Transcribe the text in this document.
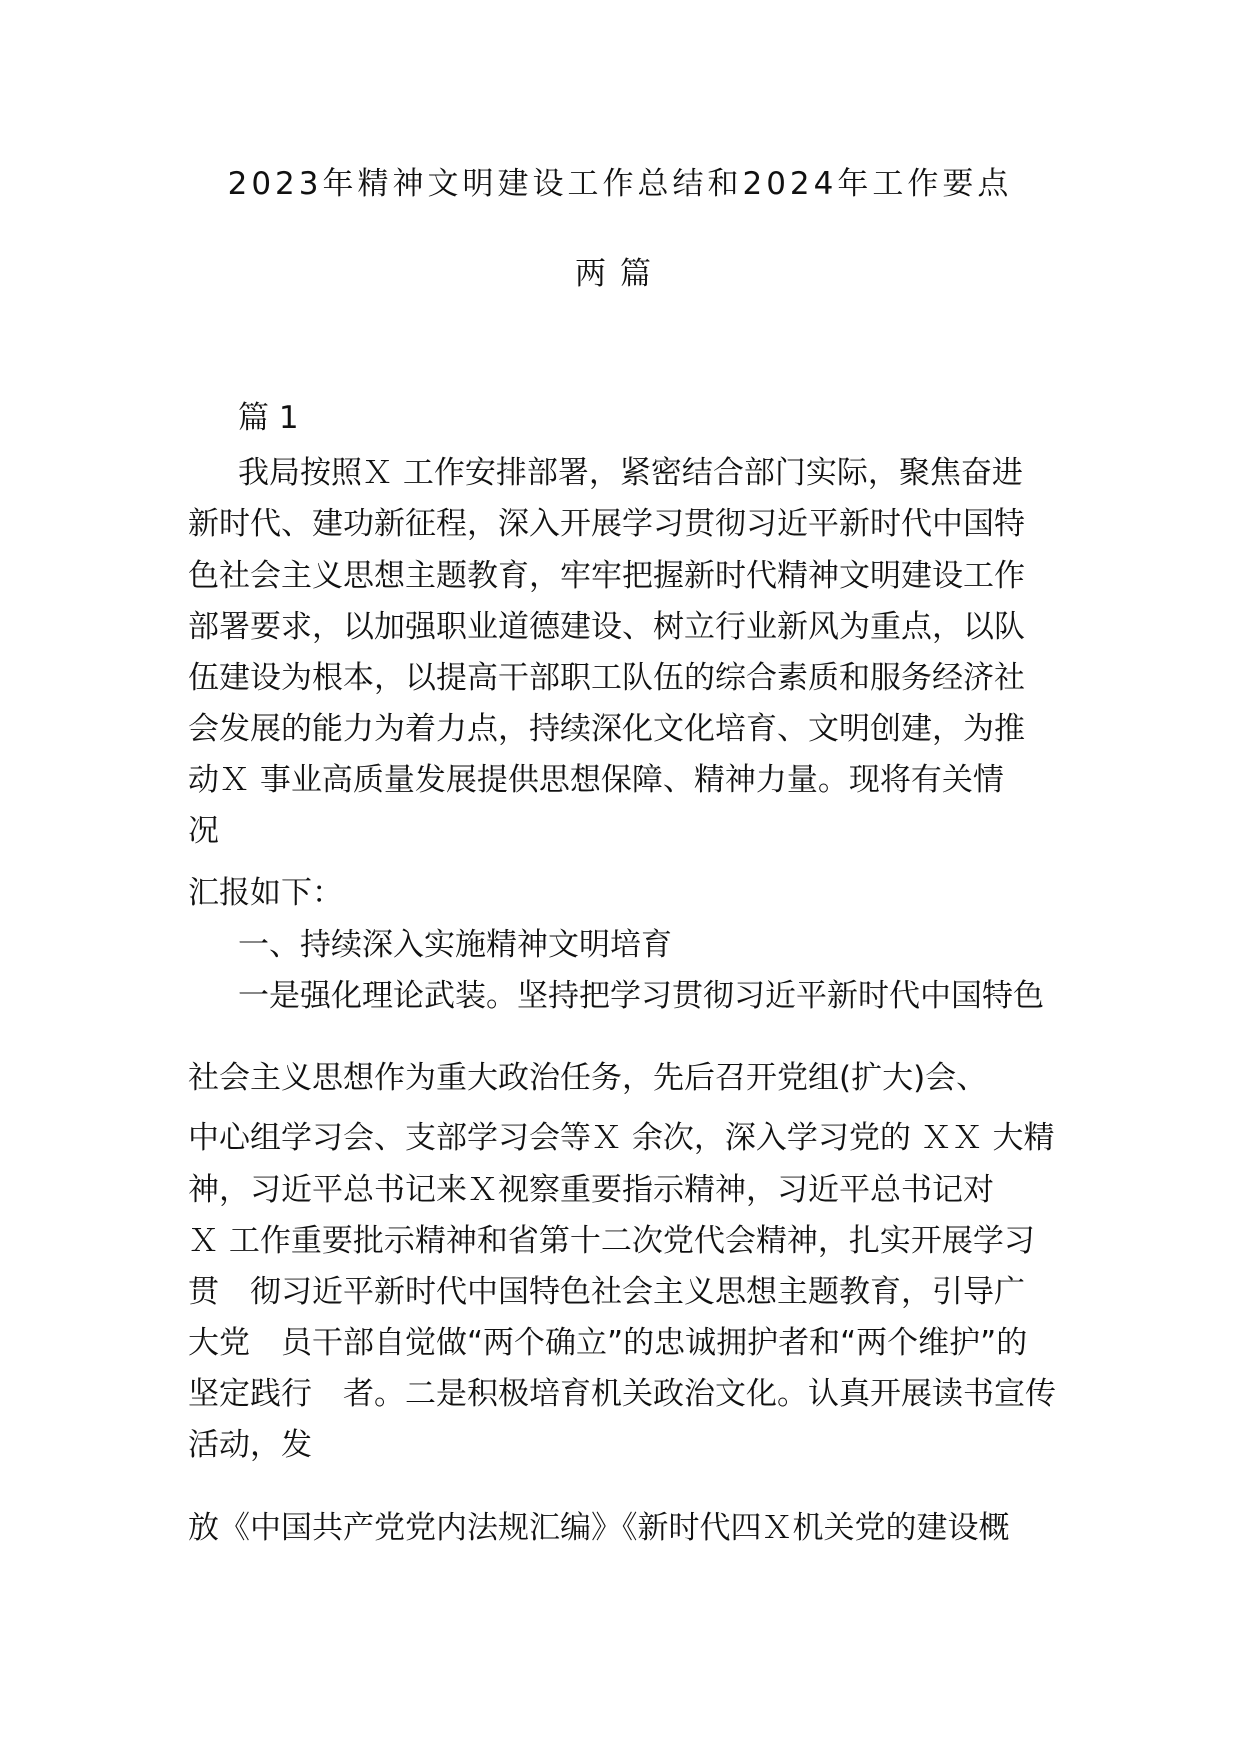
2023年精神文明建设工作总结和2024年工作要点
两篇
篇 1
我局按照Ｘ 工作安排部署，紧密结合部门实际，聚焦奋进
新时代、建功新征程，深入开展学习贯彻习近平新时代中国特
色社会主义思想主题教育，牢牢把握新时代精神文明建设工作
部署要求，以加强职业道德建设、树立行业新风为重点，以队
伍建设为根本，以提高干部职工队伍的综合素质和服务经济社
会发展的能力为着力点，持续深化文化培育、文明创建，为推
动Ｘ 事业高质量发展提供思想保障、精神力量。现将有关情
况
汇报如下：
一、持续深入实施精神文明培育
一是强化理论武装。坚持把学习贯彻习近平新时代中国特色
社会主义思想作为重大政治任务，先后召开党组(扩大)会、
中心组学习会、支部学习会等Ｘ 余次，深入学习党的 ＸＸ 大精
神，习近平总书记来Ｘ视察重要指示精神，习近平总书记对
Ｘ 工作重要批示精神和省第十二次党代会精神，扎实开展学习
贯　彻习近平新时代中国特色社会主义思想主题教育，引导广
大党　员干部自觉做“两个确立”的忠诚拥护者和“两个维护”的
坚定践行　者。二是积极培育机关政治文化。认真开展读书宣传
活动，发
放《中国共产党党内法规汇编》《新时代四Ｘ机关党的建设概
